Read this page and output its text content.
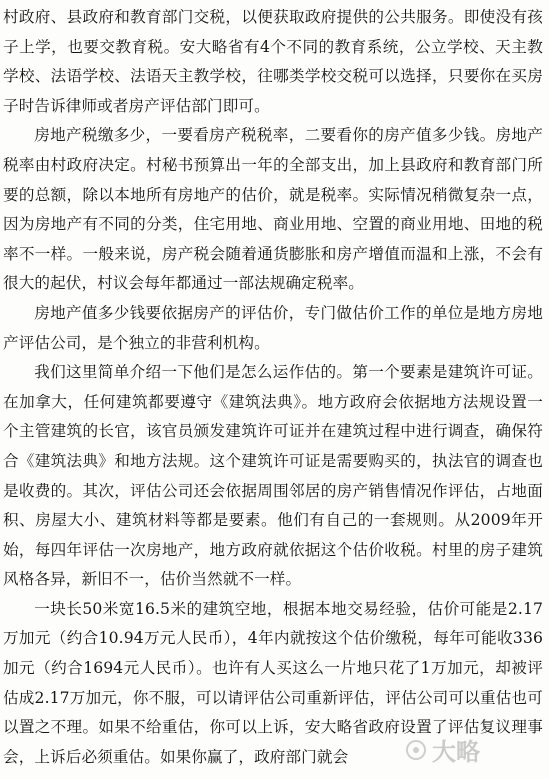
村政府、县政府和教育部门交税，以便获取政府提供的公共服务。即使没有孩子上学，也要交教育税。安大略省有4个不同的教育系统，公立学校、天主教学校、法语学校、法语天主教学校，往哪类学校交税可以选择，只要你在买房子时告诉律师或者房产评估部门即可。

房地产税缴多少，一要看房产税税率，二要看你的房产值多少钱。房地产税率由村政府决定。村秘书预算出一年的全部支出，加上县政府和教育部门所要的总额，除以本地所有房地产的估价，就是税率。实际情况稍微复杂一点，因为房地产有不同的分类，住宅用地、商业用地、空置的商业用地、田地的税率不一样。一般来说，房产税会随着通货膨胀和房产增值而温和上涨，不会有很大的起伏，村议会每年都通过一部法规确定税率。

房地产值多少钱要依据房产的评估价，专门做估价工作的单位是地方房地产评估公司，是个独立的非营利机构。

我们这里简单介绍一下他们是怎么运作估的。第一个要素是建筑许可证。在加拿大，任何建筑都要遵守《建筑法典》。地方政府会依据地方法规设置一个主管建筑的长官，该官员颁发建筑许可证并在建筑过程中进行调查，确保符合《建筑法典》和地方法规。这个建筑许可证是需要购买的，执法官的调查也是收费的。其次，评估公司还会依据周围邻居的房产销售情况作评估，占地面积、房屋大小、建筑材料等都是要素。他们有自己的一套规则。从2009年开始，每四年评估一次房地产，地方政府就依据这个估价收税。村里的房子建筑风格各异，新旧不一，估价当然就不一样。

一块长50米宽16.5米的建筑空地，根据本地交易经验，估价可能是2.17万加元（约合10.94万元人民币），4年内就按这个估价缴税，每年可能收336加元（约合1694元人民币）。也许有人买这么一片地只花了1万加元，却被评估成2.17万加元，你不服，可以请评估公司重新评估，评估公司可以重估也可以置之不理。如果不给重估，你可以上诉，安大略省政府设置了评估复议理事会，上诉后必须重估。如果你赢了，政府部门就会	大略
